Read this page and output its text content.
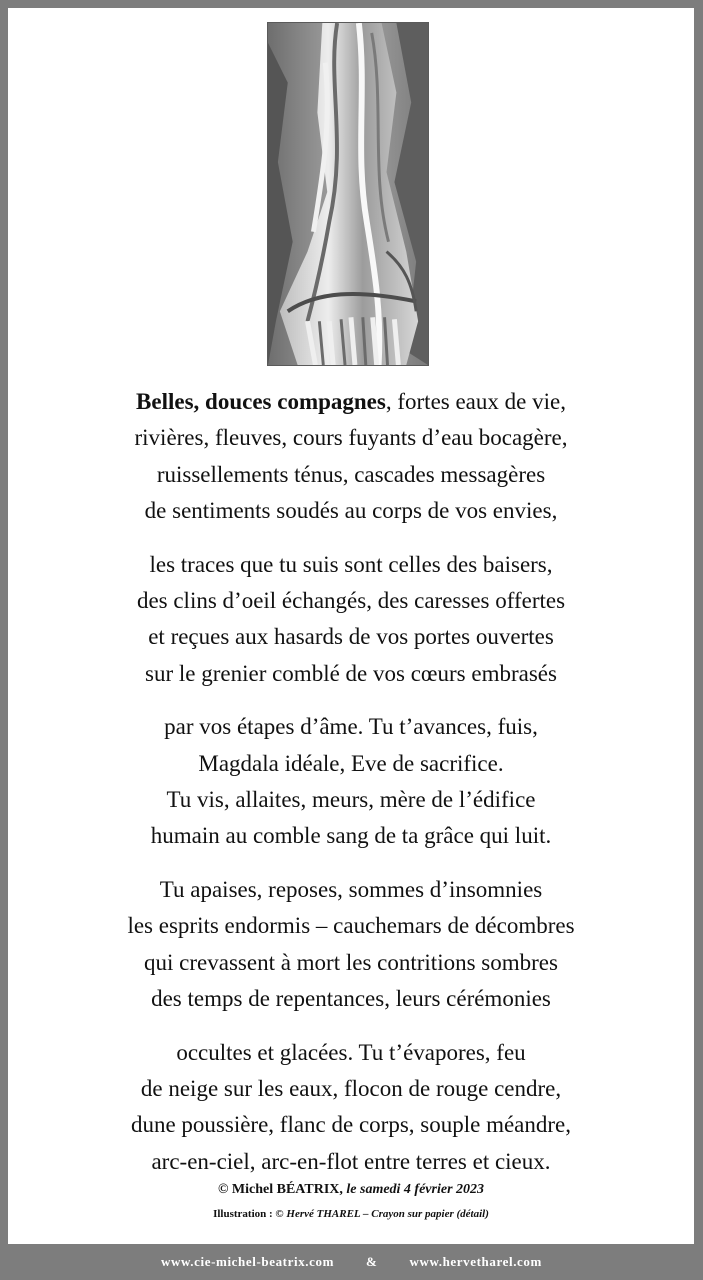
Belles, douces compagnes, fortes eaux de vie,
rivières, fleuves, cours fuyants d’eau bocagère,
ruissellements ténus, cascades messagères
de sentiments soudés au corps de vos envies,
les traces que tu suis sont celles des baisers,
des clins d’oeil échangés, des caresses offertes
et reçues aux hasards de vos portes ouvertes
sur le grenier comblé de vos cœurs embrasés
par vos étapes d’âme. Tu t’avances, fuis,
Magdala idéale, Eve de sacrifice.
Tu vis, allaites, meurs, mère de l’édifice
humain au comble sang de ta grâce qui luit.
Tu apaises, reposes, sommes d’insomnies
les esprits endormis – cauchemars de décombres
qui crevassent à mort les contritions sombres
des temps de repentances, leurs cérémonies
occultes et glacées. Tu t’évapores, feu
de neige sur les eaux, flocon de rouge cendre,
dune poussière, flanc de corps, souple méandre,
arc-en-ciel, arc-en-flot entre terres et cieux.
© Michel BÉATRIX, le samedi 4 février 2023
Illustration : © Hervé THAREL – Crayon sur papier (détail)
www.cie-michel-beatrix.com & www.hervetharel.com
